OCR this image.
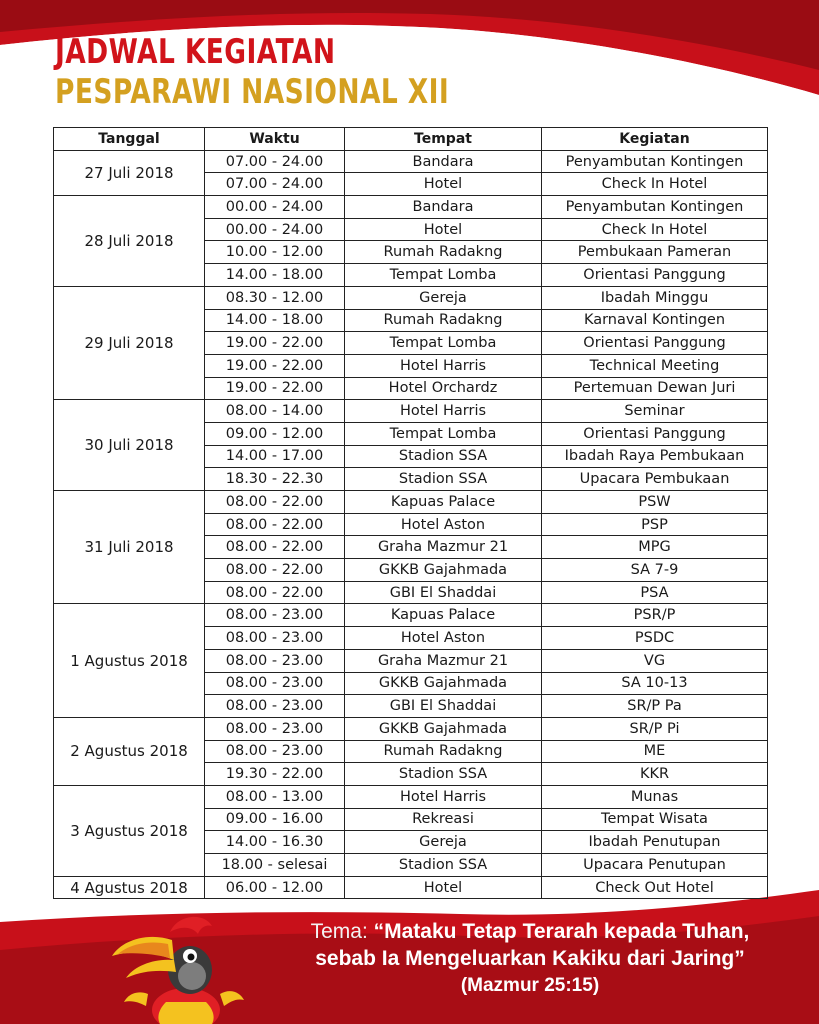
JADWAL KEGIATAN
PESPARAWI NASIONAL XII
Tanggal	Waktu	Tempat	Kegiatan
27 Juli 2018	07.00 - 24.00	Bandara	Penyambutan Kontingen
	07.00 - 24.00	Hotel	Check In Hotel
28 Juli 2018	00.00 - 24.00	Bandara	Penyambutan Kontingen
	00.00 - 24.00	Hotel	Check In Hotel
	10.00 - 12.00	Rumah Radakng	Pembukaan Pameran
	14.00 - 18.00	Tempat Lomba	Orientasi Panggung
29 Juli 2018	08.30 - 12.00	Gereja	Ibadah Minggu
	14.00 - 18.00	Rumah Radakng	Karnaval Kontingen
	19.00 - 22.00	Tempat Lomba	Orientasi Panggung
	19.00 - 22.00	Hotel Harris	Technical Meeting
	19.00 - 22.00	Hotel Orchardz	Pertemuan Dewan Juri
30 Juli 2018	08.00 - 14.00	Hotel Harris	Seminar
	09.00 - 12.00	Tempat Lomba	Orientasi Panggung
	14.00 - 17.00	Stadion SSA	Ibadah Raya Pembukaan
	18.30 - 22.30	Stadion SSA	Upacara Pembukaan
31 Juli 2018	08.00 - 22.00	Kapuas Palace	PSW
	08.00 - 22.00	Hotel Aston	PSP
	08.00 - 22.00	Graha Mazmur 21	MPG
	08.00 - 22.00	GKKB Gajahmada	SA 7-9
	08.00 - 22.00	GBI El Shaddai	PSA
1 Agustus 2018	08.00 - 23.00	Kapuas Palace	PSR/P
	08.00 - 23.00	Hotel Aston	PSDC
	08.00 - 23.00	Graha Mazmur 21	VG
	08.00 - 23.00	GKKB Gajahmada	SA 10-13
	08.00 - 23.00	GBI El Shaddai	SR/P Pa
2 Agustus 2018	08.00 - 23.00	GKKB Gajahmada	SR/P Pi
	08.00 - 23.00	Rumah Radakng	ME
	19.30 - 22.00	Stadion SSA	KKR
3 Agustus 2018	08.00 - 13.00	Hotel Harris	Munas
	09.00 - 16.00	Rekreasi	Tempat Wisata
	14.00 - 16.30	Gereja	Ibadah Penutupan
	18.00 - selesai	Stadion SSA	Upacara Penutupan
4 Agustus 2018	06.00 - 12.00	Hotel	Check Out Hotel
Tema: “Mataku Tetap Terarah kepada Tuhan,
sebab Ia Mengeluarkan Kakiku dari Jaring”
(Mazmur 25:15)
